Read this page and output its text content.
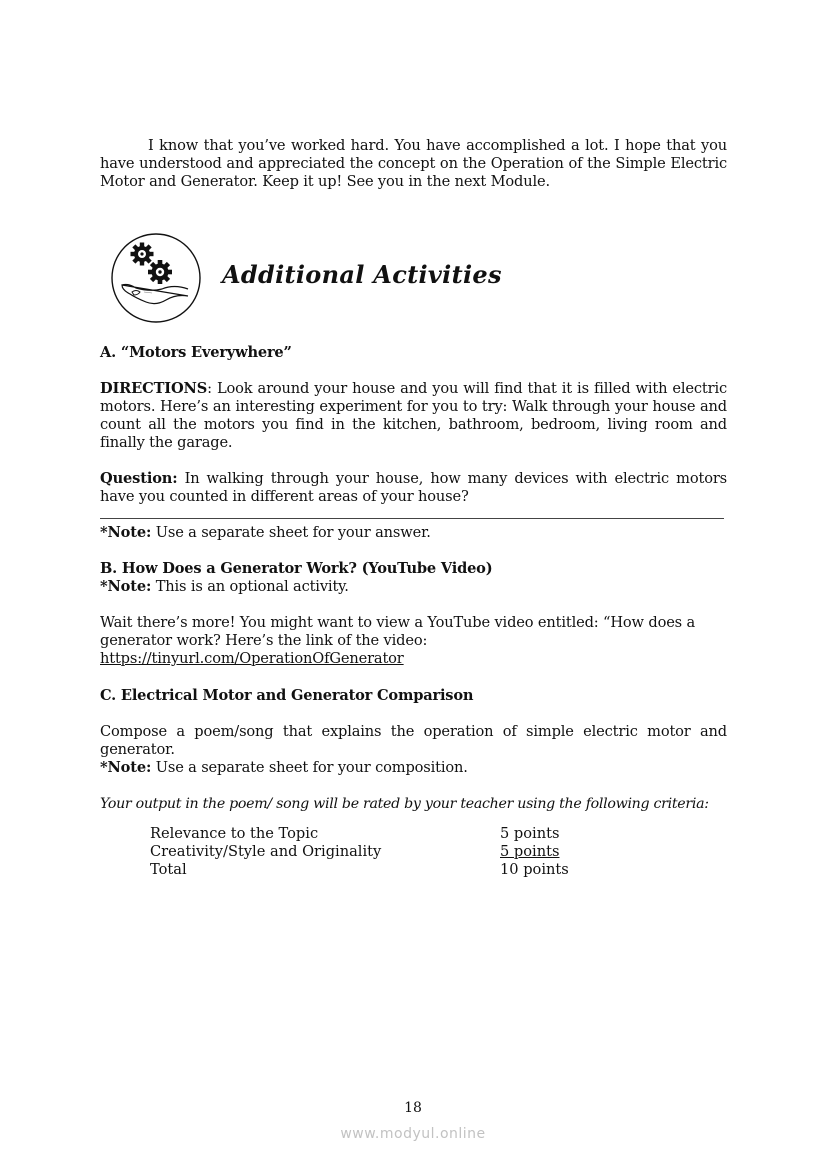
I know that you’ve worked hard. You have accomplished a lot. I hope that you have understood and appreciated the concept on the Operation of the Simple Electric Motor and Generator. Keep it up! See you in the next Module.
Additional Activities
A. “Motors Everywhere”
DIRECTIONS: Look around your house and you will find that it is filled with electric motors. Here’s an interesting experiment for you to try: Walk through your house and count all the motors you find in the kitchen, bathroom, bedroom, living room and finally the garage.
Question: In walking through your house, how many devices with electric motors have you counted in different areas of your house?
*Note: Use a separate sheet for your answer.
B. How Does a Generator Work? (YouTube Video)
*Note: This is an optional activity.
Wait there’s more! You might want to view a YouTube video entitled: “How does a generator work? Here’s the link of the video:
https://tinyurl.com/OperationOfGenerator
C. Electrical Motor and Generator Comparison
Compose a poem/song that explains the operation of simple electric motor and generator.
*Note: Use a separate sheet for your composition.
Your output in the poem/ song will be rated by your teacher using the following criteria:
Relevance to the Topic	5 points
Creativity/Style and Originality	5 points
Total	10 points
18
www.modyul.online
